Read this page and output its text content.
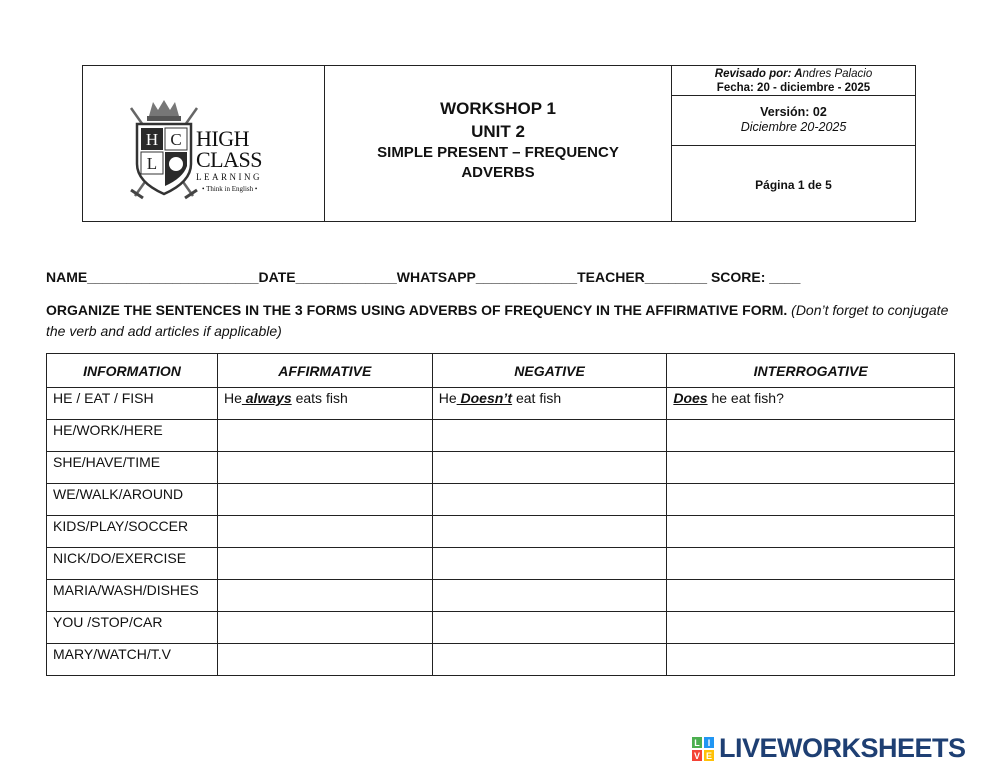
H C
L
HIGH
CLASS
LEARNING
• Think in English •
WORKSHOP 1
UNIT 2
SIMPLE PRESENT – FREQUENCY
ADVERBS
Revisado por: Andres Palacio
Fecha: 20 - diciembre - 2025
Versión: 02
Diciembre 20-2025
Página 1 de 5
NAME______________________DATE_____________WHATSAPP_____________TEACHER________ SCORE: ____
ORGANIZE THE SENTENCES IN THE 3 FORMS USING ADVERBS OF FREQUENCY IN THE AFFIRMATIVE FORM. (Don’t forget to conjugate the verb and add articles if applicable)
INFORMATION	AFFIRMATIVE	NEGATIVE	INTERROGATIVE
HE / EAT / FISH	He always eats fish	He Doesn’t eat fish	Does he eat fish?
HE/WORK/HERE			
SHE/HAVE/TIME			
WE/WALK/AROUND			
KIDS/PLAY/SOCCER			
NICK/DO/EXERCISE			
MARIA/WASH/DISHES			
YOU /STOP/CAR			
MARY/WATCH/T.V			
L I
V E LIVEWORKSHEETS
